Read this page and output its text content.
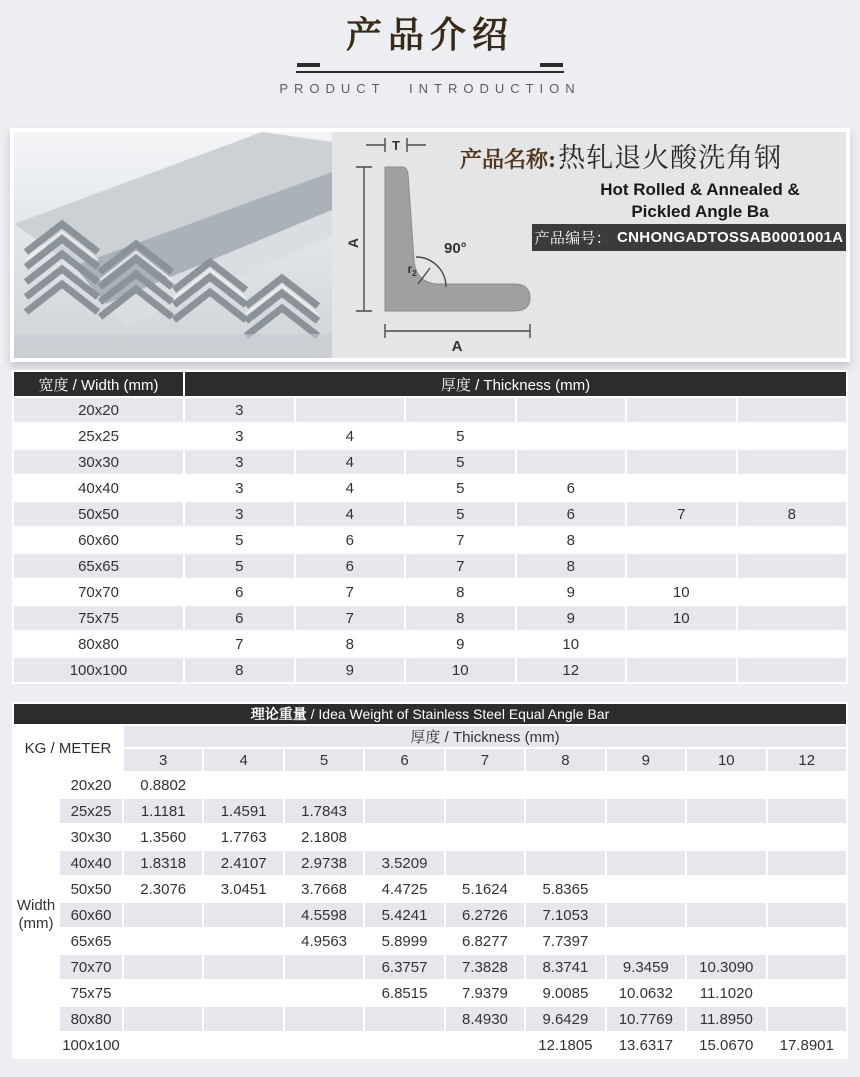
产品介绍
PRODUCT INTRODUCTION
T
A
A
90°
$r_2$
产品名称: 热轧退火酸洗角钢
Hot Rolled & Annealed &
Pickled Angle Ba
产品编号： CNHONGADTOSSAB0001001A
宽度 / Width (mm)	厚度 / Thickness (mm)					
20x20	3					
25x25	3	4	5			
30x30	3	4	5			
40x40	3	4	5	6		
50x50	3	4	5	6	7	8
60x60	5	6	7	8		
65x65	5	6	7	8		
70x70	6	7	8	9	10	
75x75	6	7	8	9	10	
80x80	7	8	9	10		
100x100	8	9	10	12		
理论重量 / Idea Weight of Stainless Steel Equal Angle Bar										
KG / METER		厚度 / Thickness (mm)								
		3	4	5	6	7	8	9	10	12

Width
(mm)	20x20	0.8802								
	25x25	1.1181	1.4591	1.7843						
	30x30	1.3560	1.7763	2.1808						
	40x40	1.8318	2.4107	2.9738	3.5209					
	50x50	2.3076	3.0451	3.7668	4.4725	5.1624	5.8365			
	60x60			4.5598	5.4241	6.2726	7.1053			
	65x65			4.9563	5.8999	6.8277	7.7397			
	70x70				6.3757	7.3828	8.3741	9.3459	10.3090	
	75x75				6.8515	7.9379	9.0085	10.0632	11.1020	
	80x80					8.4930	9.6429	10.7769	11.8950	
	100x100						12.1805	13.6317	15.0670	17.8901
